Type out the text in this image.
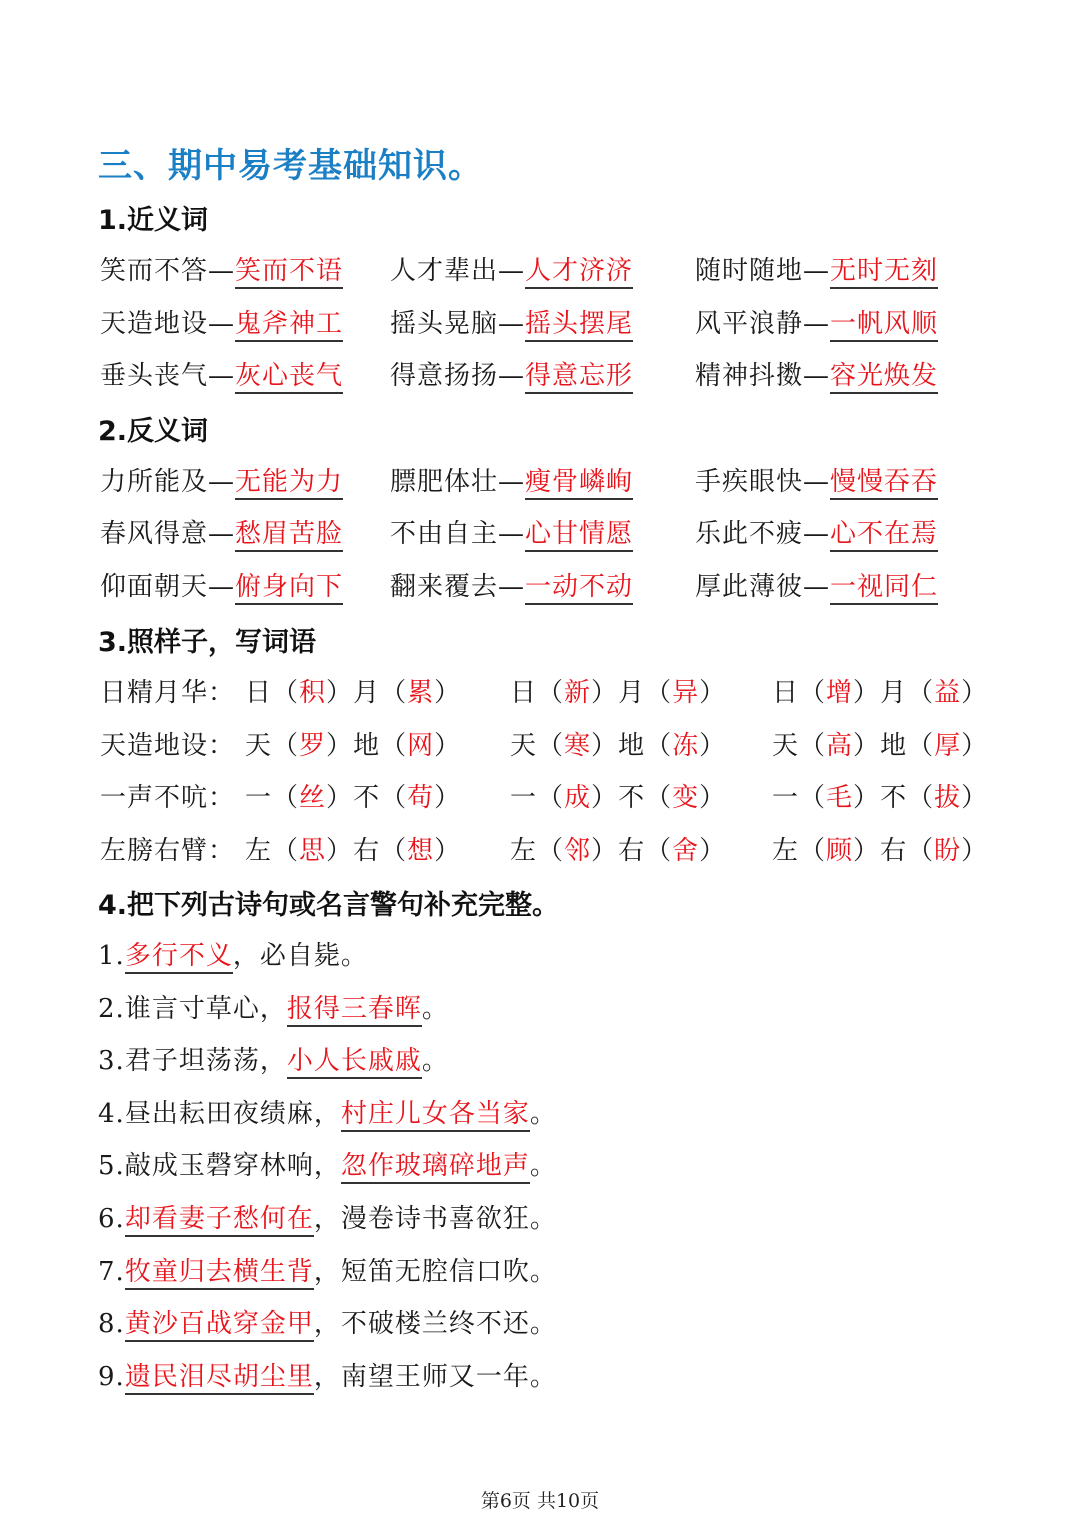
三、期中易考基础知识。
1.近义词
笑而不答—笑而不语 人才辈出—人才济济 随时随地—无时无刻
天造地设—鬼斧神工 摇头晃脑—摇头摆尾 风平浪静—一帆风顺
垂头丧气—灰心丧气 得意扬扬—得意忘形 精神抖擞—容光焕发
2.反义词
力所能及—无能为力 膘肥体壮—瘦骨嶙峋 手疾眼快—慢慢吞吞
春风得意—愁眉苦脸 不由自主—心甘情愿 乐此不疲—心不在焉
仰面朝天—俯身向下 翻来覆去—一动不动 厚此薄彼—一视同仁
3.照样子，写词语
日精月华： 日（积）月（累） 日（新）月（异） 日（增）月（益）
天造地设： 天（罗）地（网） 天（寒）地（冻） 天（高）地（厚）
一声不吭： 一（丝）不（苟） 一（成）不（变） 一（毛）不（拔）
左膀右臂： 左（思）右（想） 左（邻）右（舍） 左（顾）右（盼）
4.把下列古诗句或名言警句补充完整。
1.多行不义，必自毙。
2.谁言寸草心，报得三春晖。
3.君子坦荡荡，小人长戚戚。
4.昼出耘田夜绩麻，村庄儿女各当家。
5.敲成玉磬穿林响，忽作玻璃碎地声。
6.却看妻子愁何在，漫卷诗书喜欲狂。
7.牧童归去横生背，短笛无腔信口吹。
8.黄沙百战穿金甲，不破楼兰终不还。
9.遗民泪尽胡尘里，南望王师又一年。
第6页 共10页
